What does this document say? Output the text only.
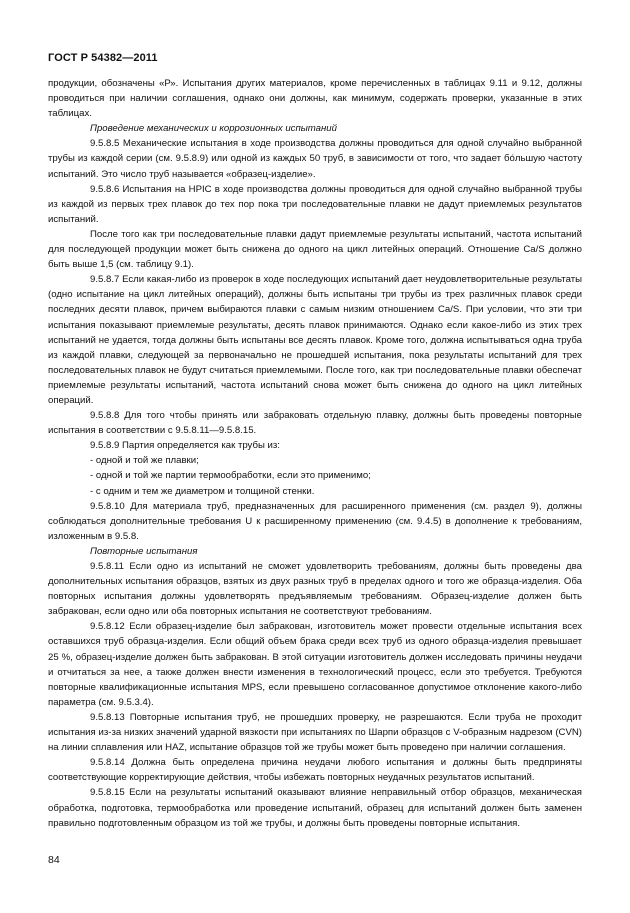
ГОСТ Р 54382—2011

продукции, обозначены «Р». Испытания других материалов, кроме перечисленных в таблицах 9.11 и 9.12, должны проводиться при наличии соглашения, однако они должны, как минимум, содержать проверки, указанные в этих таблицах.

Проведение механических и коррозионных испытаний

9.5.8.5 Механические испытания в ходе производства должны проводиться для одной случайно выбранной трубы из каждой серии (см. 9.5.8.9) или одной из каждых 50 труб, в зависимости от того, что задает бóльшую частоту испытаний. Это число труб называется «образец-изделие».

9.5.8.6 Испытания на HPIC в ходе производства должны проводиться для одной случайно выбранной трубы из каждой из первых трех плавок до тех пор пока три последовательные плавки не дадут приемлемых результатов испытаний.

После того как три последовательные плавки дадут приемлемые результаты испытаний, частота испытаний для последующей продукции может быть снижена до одного на цикл литейных операций. Отношение Ca/S должно быть выше 1,5 (см. таблицу 9.1).

9.5.8.7 Если какая-либо из проверок в ходе последующих испытаний дает неудовлетворительные результаты (одно испытание на цикл литейных операций), должны быть испытаны три трубы из трех различных плавок среди последних десяти плавок, причем выбираются плавки с самым низким отношением Ca/S. При условии, что эти три испытания показывают приемлемые результаты, десять плавок принимаются. Однако если какое-либо из этих трех испытаний не удается, тогда должны быть испытаны все десять плавок. Кроме того, должна испытываться одна труба из каждой плавки, следующей за первоначально не прошедшей испытания, пока результаты испытаний для трех последовательных плавок не будут считаться приемлемыми. После того, как три последовательные плавки обеспечат приемлемые результаты испытаний, частота испытаний снова может быть снижена до одного на цикл литейных операций.

9.5.8.8 Для того чтобы принять или забраковать отдельную плавку, должны быть проведены повторные испытания в соответствии с 9.5.8.11—9.5.8.15.

9.5.8.9 Партия определяется как трубы из:

- одной и той же плавки;

- одной и той же партии термообработки, если это применимо;

- с одним и тем же диаметром и толщиной стенки.

9.5.8.10 Для материала труб, предназначенных для расширенного применения (см. раздел 9), должны соблюдаться дополнительные требования U к расширенному применению (см. 9.4.5) в дополнение к требованиям, изложенным в 9.5.8.

Повторные испытания

9.5.8.11 Если одно из испытаний не сможет удовлетворить требованиям, должны быть проведены два дополнительных испытания образцов, взятых из двух разных труб в пределах одного и того же образца-изделия. Оба повторных испытания должны удовлетворять предъявляемым требованиям. Образец-изделие должен быть забракован, если одно или оба повторных испытания не соответствуют требованиям.

9.5.8.12 Если образец-изделие был забракован, изготовитель может провести отдельные испытания всех оставшихся труб образца-изделия. Если общий объем брака среди всех труб из одного образца-изделия превышает 25 %, образец-изделие должен быть забракован. В этой ситуации изготовитель должен исследовать причины неудачи и отчитаться за нее, а также должен внести изменения в технологический процесс, если это требуется. Требуются повторные квалификационные испытания MPS, если превышено согласованное допустимое отклонение какого-либо параметра (см. 9.5.3.4).

9.5.8.13 Повторные испытания труб, не прошедших проверку, не разрешаются. Если труба не проходит испытания из-за низких значений ударной вязкости при испытаниях по Шарпи образцов с V-образным надрезом (CVN) на линии сплавления или HAZ, испытание образцов той же трубы может быть проведено при наличии соглашения.

9.5.8.14 Должна быть определена причина неудачи любого испытания и должны быть предприняты соответствующие корректирующие действия, чтобы избежать повторных неудачных результатов испытаний.

9.5.8.15 Если на результаты испытаний оказывают влияние неправильный отбор образцов, механическая обработка, подготовка, термообработка или проведение испытаний, образец для испытаний должен быть заменен правильно подготовленным образцом из той же трубы, и должны быть проведены повторные испытания.

84
